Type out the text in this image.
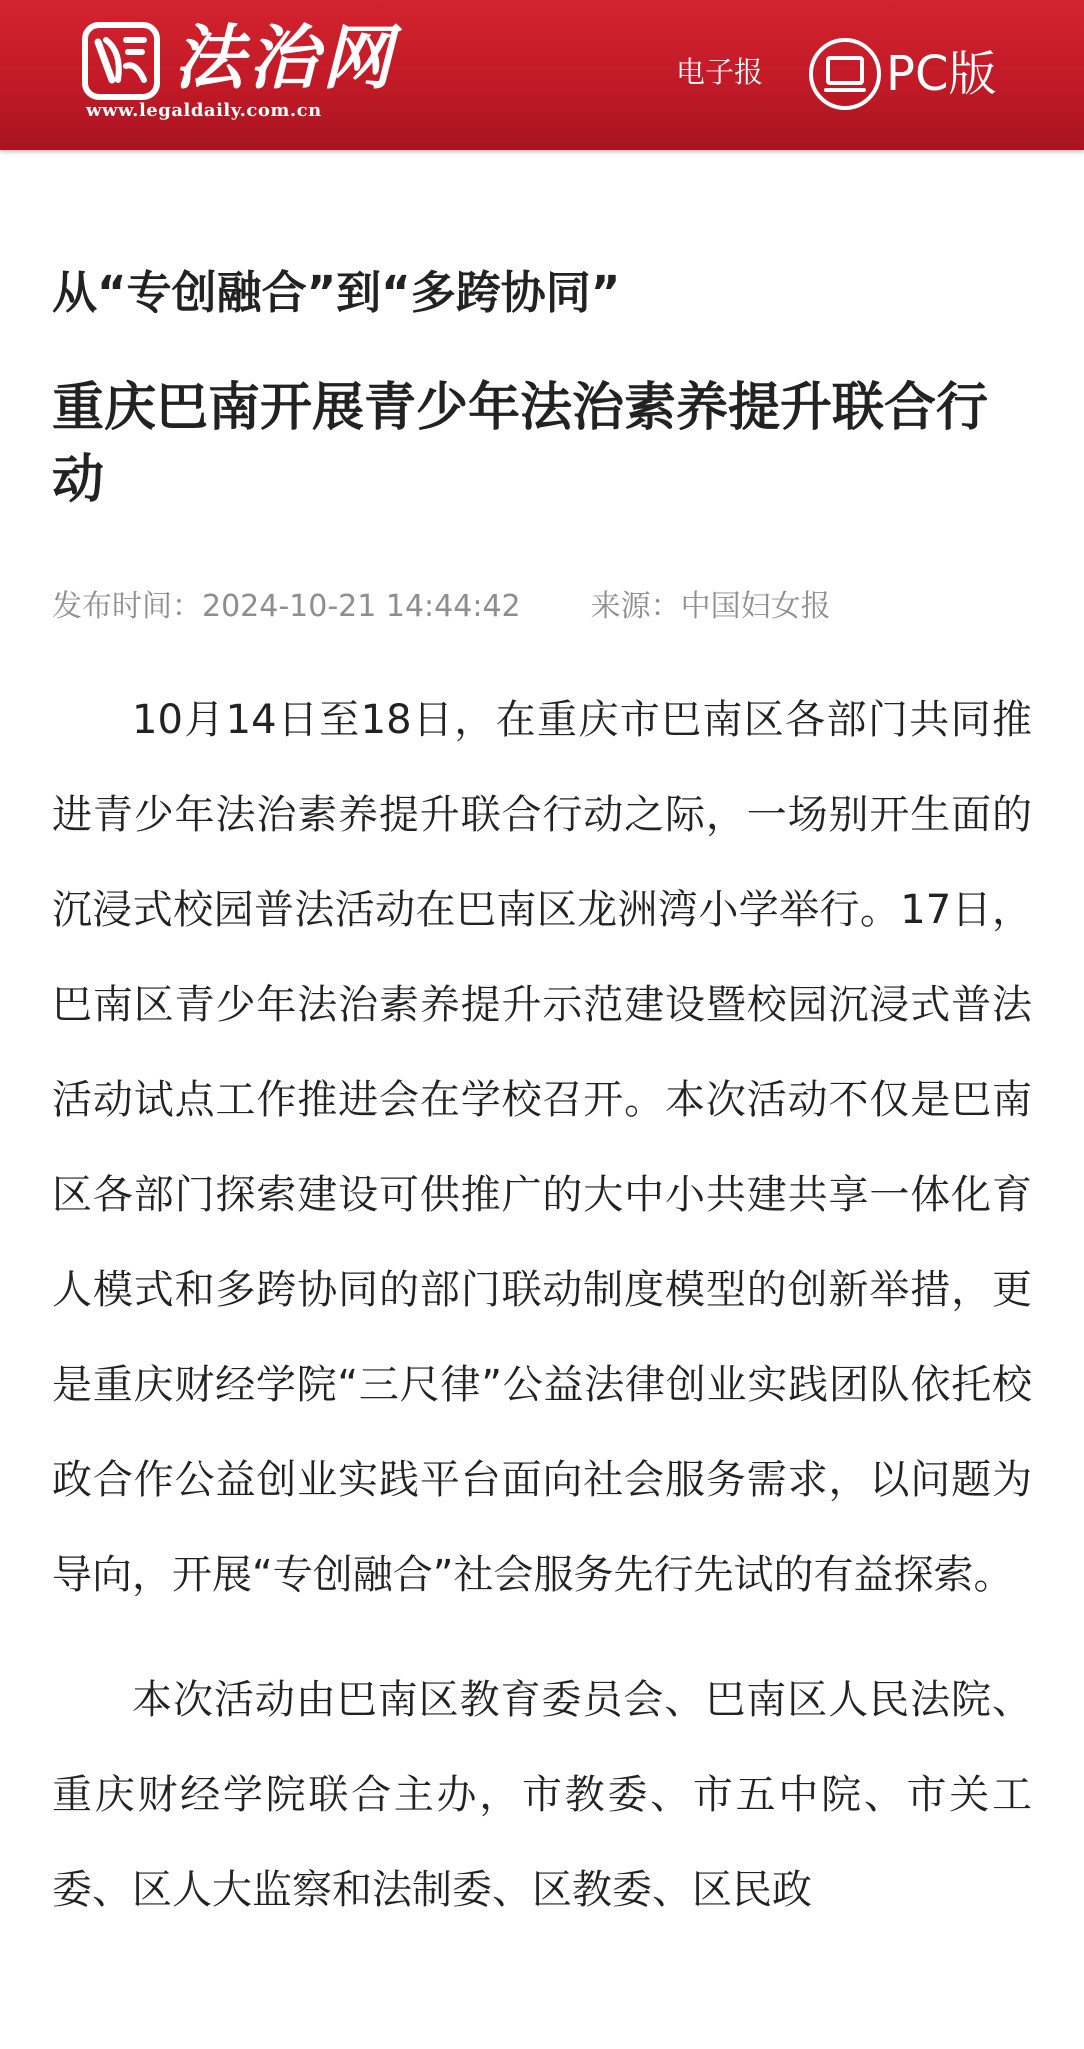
法治网
www.legaldaily.com.cn
电子报	PC版
从“专创融合”到“多跨协同”
重庆巴南开展青少年法治素养提升联合行动
发布时间：2024-10-21 14:44:42 来源：中国妇女报

10月14日至18日，在重庆市巴南区各部门共同推进青少年法治素养提升联合行动之际，一场别开生面的沉浸式校园普法活动在巴南区龙洲湾小学举行。17日，巴南区青少年法治素养提升示范建设暨校园沉浸式普法活动试点工作推进会在学校召开。本次活动不仅是巴南区各部门探索建设可供推广的大中小共建共享一体化育人模式和多跨协同的部门联动制度模型的创新举措，更是重庆财经学院“三尺律”公益法律创业实践团队依托校政合作公益创业实践平台面向社会服务需求，以问题为导向，开展“专创融合”社会服务先行先试的有益探索。

本次活动由巴南区教育委员会、巴南区人民法院、重庆财经学院联合主办，市教委、市五中院、市关工委、区人大监察和法制委、区教委、区民政
